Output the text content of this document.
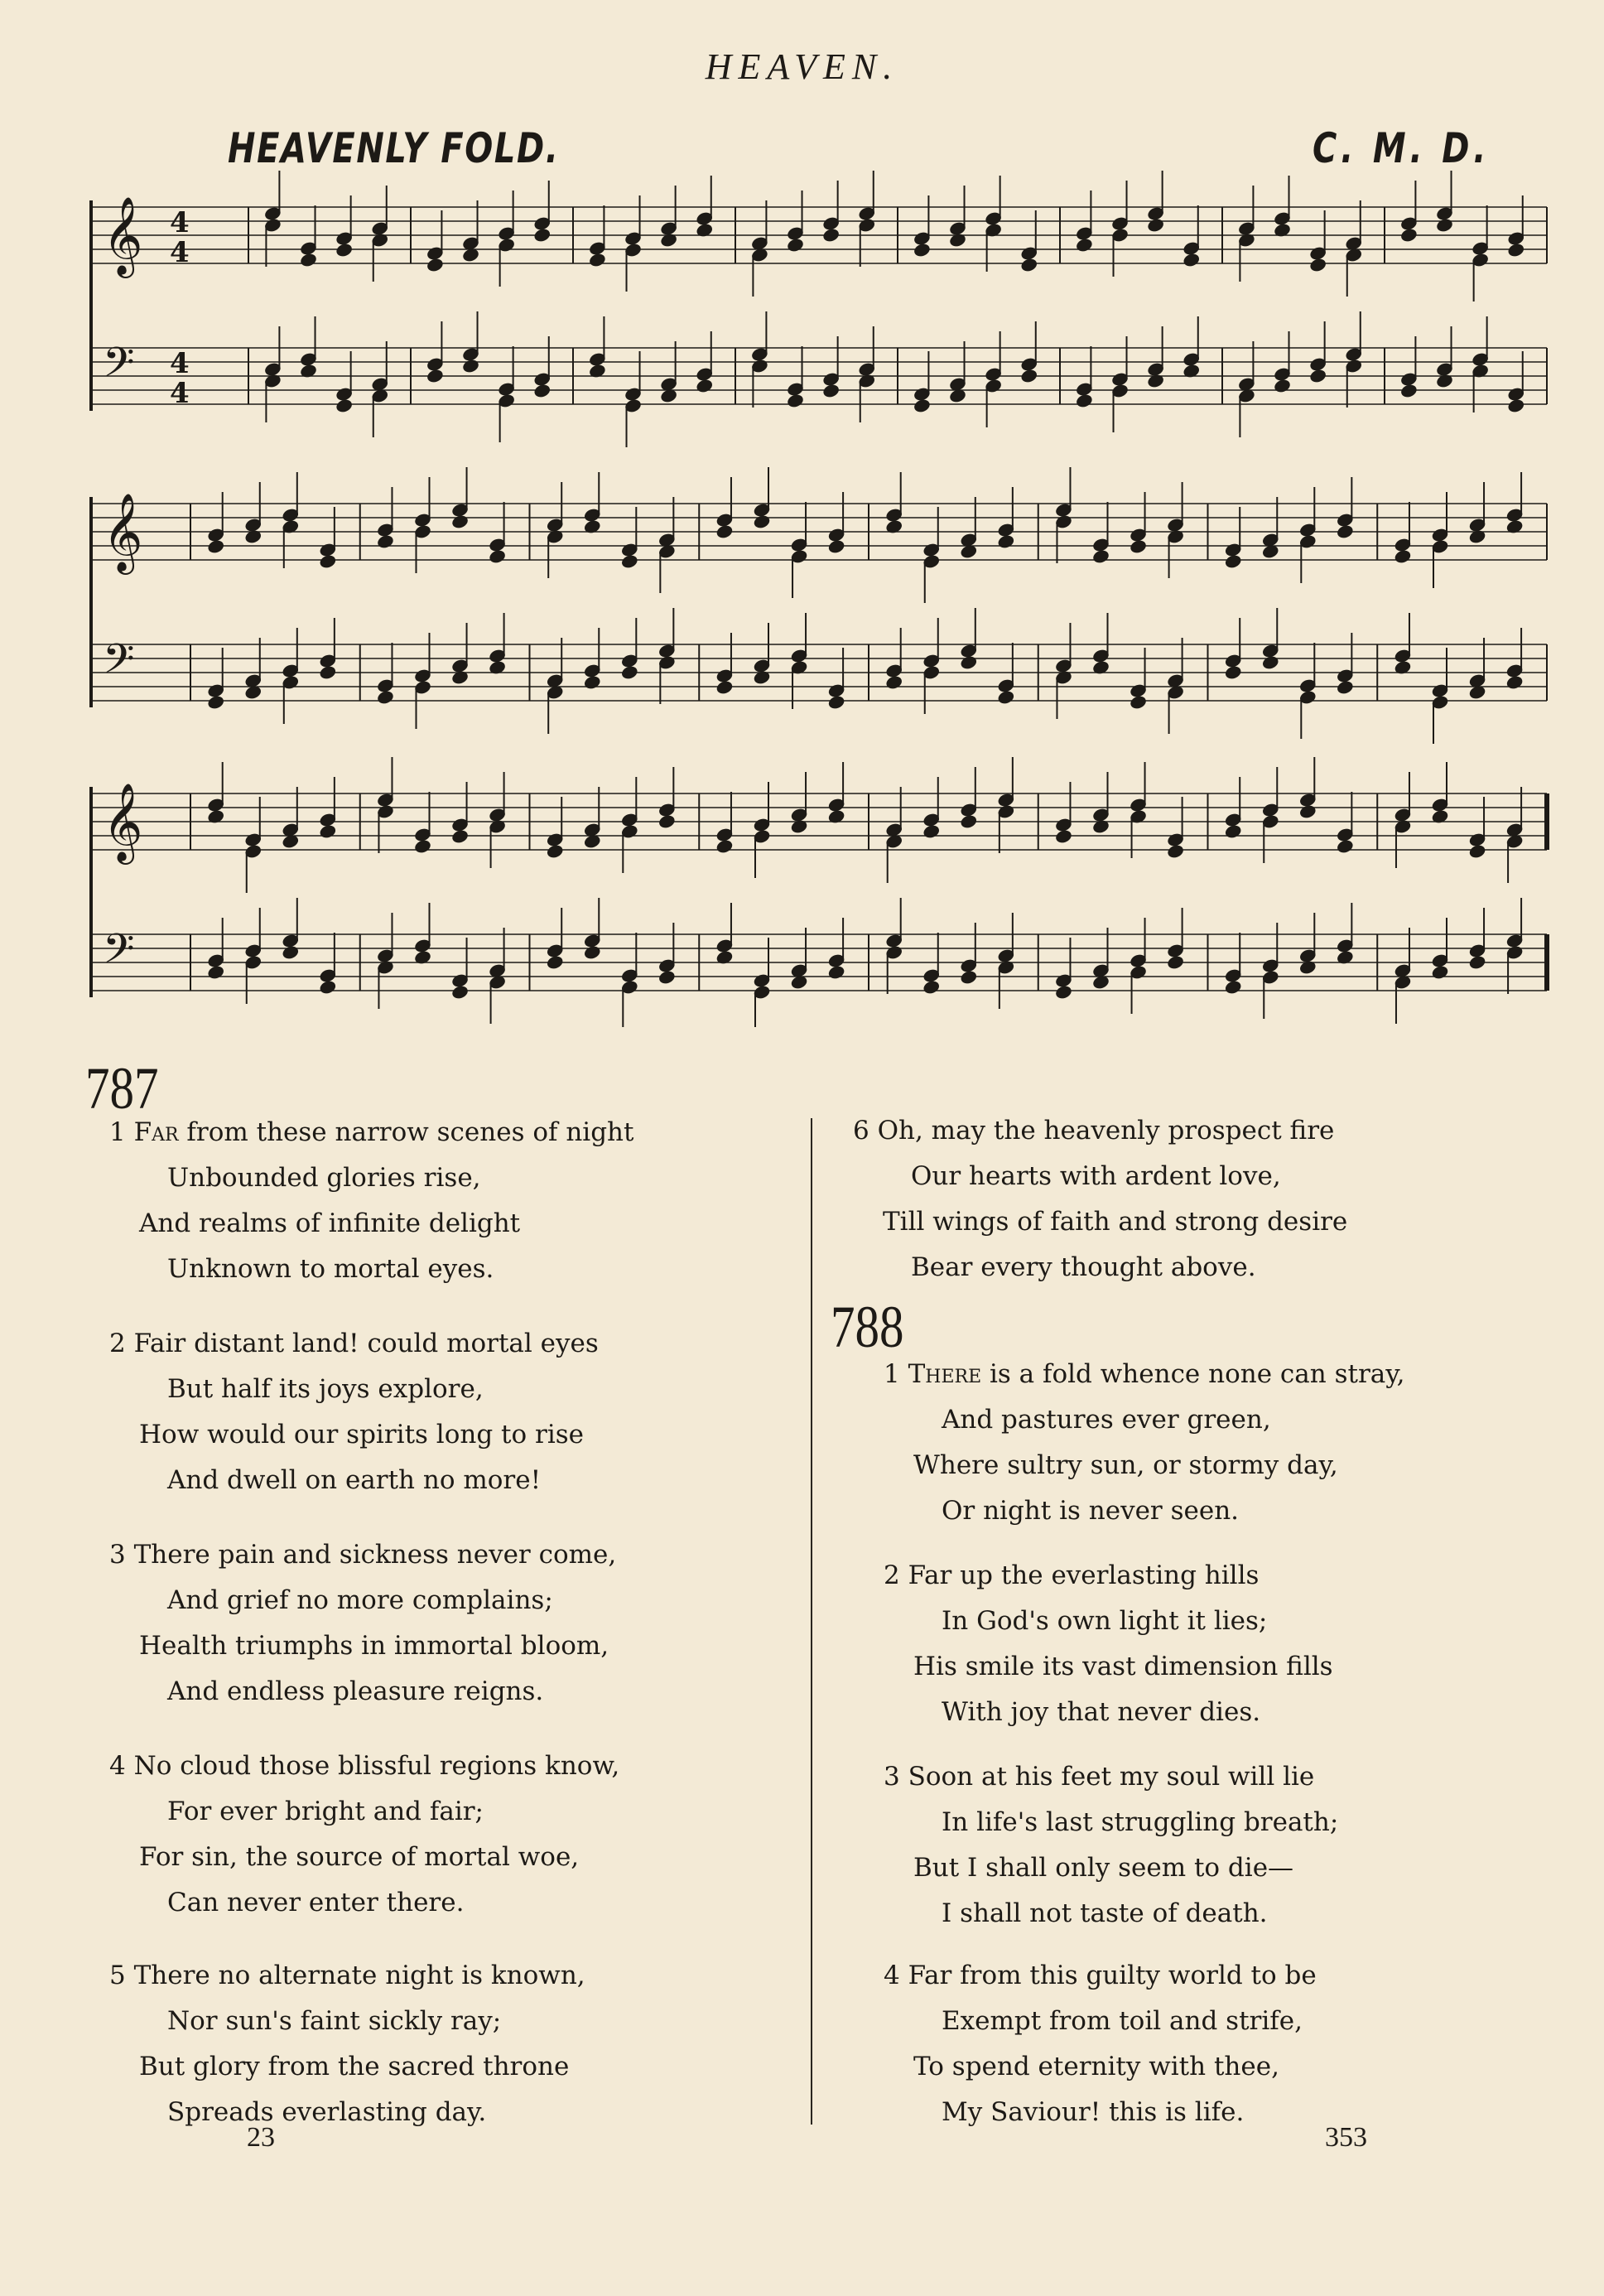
HEAVEN.
HEAVENLY FOLD.	C. M. D.
𝄞 4
4
𝄢 4
4
𝄞
𝄢
𝄞
𝄢
787
1 Far from these narrow scenes of night
Unbounded glories rise,
And realms of infinite delight
Unknown to mortal eyes.
2 Fair distant land! could mortal eyes
But half its joys explore,
How would our spirits long to rise
And dwell on earth no more!
3 There pain and sickness never come,
And grief no more complains;
Health triumphs in immortal bloom,
And endless pleasure reigns.
4 No cloud those blissful regions know,
For ever bright and fair;
For sin, the source of mortal woe,
Can never enter there.
5 There no alternate night is known,
Nor sun's faint sickly ray;
But glory from the sacred throne
Spreads everlasting day.
6 Oh, may the heavenly prospect fire
Our hearts with ardent love,
Till wings of faith and strong desire
Bear every thought above.
788
1 There is a fold whence none can stray,
And pastures ever green,
Where sultry sun, or stormy day,
Or night is never seen.
2 Far up the everlasting hills
In God's own light it lies;
His smile its vast dimension fills
With joy that never dies.
3 Soon at his feet my soul will lie
In life's last struggling breath;
But I shall only seem to die—
I shall not taste of death.
4 Far from this guilty world to be
Exempt from toil and strife,
To spend eternity with thee,
My Saviour! this is life.
23	353
